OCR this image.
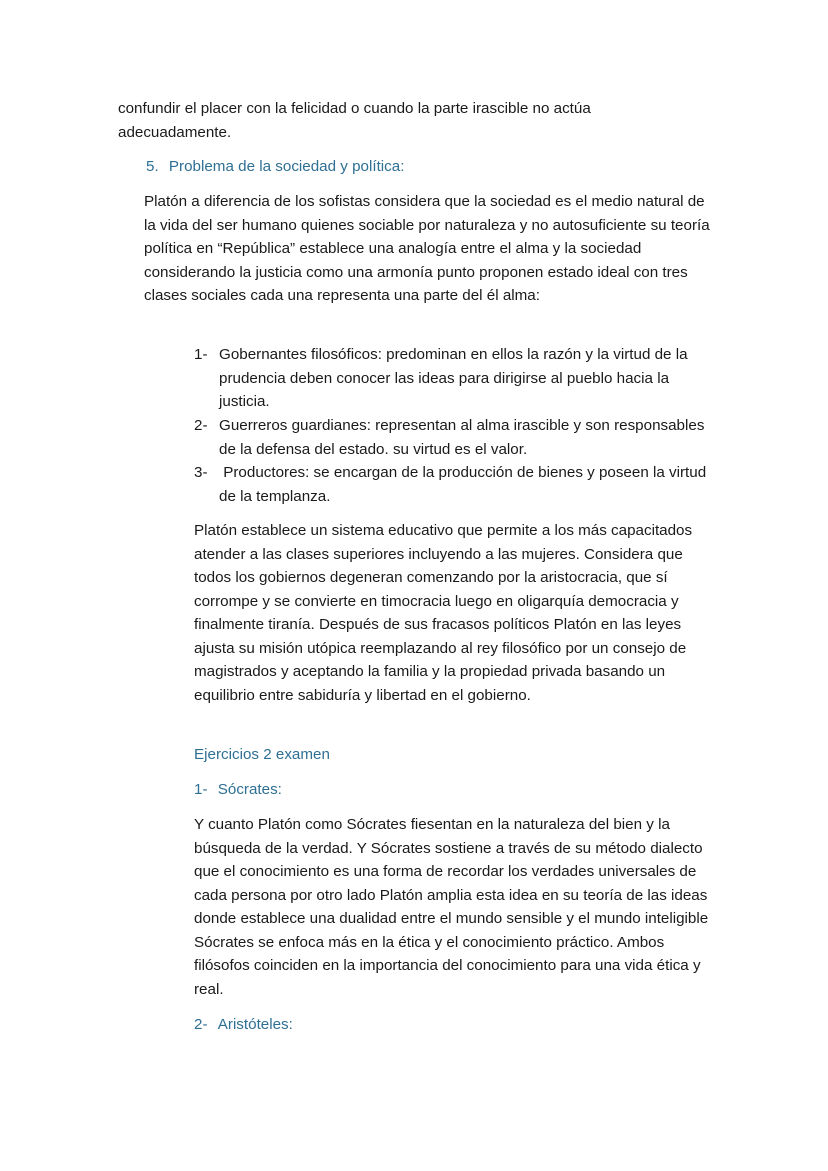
confundir el placer con la felicidad o cuando la parte irascible no actúa adecuadamente.

5. Problema de la sociedad y política:

Platón a diferencia de los sofistas considera que la sociedad es el medio natural de la vida del ser humano quienes sociable por naturaleza y no autosuficiente su teoría política en “República” establece una analogía entre el alma y la sociedad considerando la justicia como una armonía punto proponen estado ideal con tres clases sociales cada una representa una parte del él alma:

1- Gobernantes filosóficos: predominan en ellos la razón y la virtud de la prudencia deben conocer las ideas para dirigirse al pueblo hacia la justicia.

2- Guerreros guardianes: representan al alma irascible y son responsables de la defensa del estado. su virtud es el valor.

3- Productores: se encargan de la producción de bienes y poseen la virtud de la templanza.

Platón establece un sistema educativo que permite a los más capacitados atender a las clases superiores incluyendo a las mujeres. Considera que todos los gobiernos degeneran comenzando por la aristocracia, que sí corrompe y se convierte en timocracia luego en oligarquía democracia y finalmente tiranía. Después de sus fracasos políticos Platón en las leyes ajusta su misión utópica reemplazando al rey filosófico por un consejo de magistrados y aceptando la familia y la propiedad privada basando un equilibrio entre sabiduría y libertad en el gobierno.

Ejercicios 2 examen

1- Sócrates:

Y cuanto Platón como Sócrates fiesentan en la naturaleza del bien y la búsqueda de la verdad. Y Sócrates sostiene a través de su método dialecto que el conocimiento es una forma de recordar los verdades universales de cada persona por otro lado Platón amplia esta idea en su teoría de las ideas donde establece una dualidad entre el mundo sensible y el mundo inteligible Sócrates se enfoca más en la ética y el conocimiento práctico. Ambos filósofos coinciden en la importancia del conocimiento para una vida ética y real.

2- Aristóteles:
